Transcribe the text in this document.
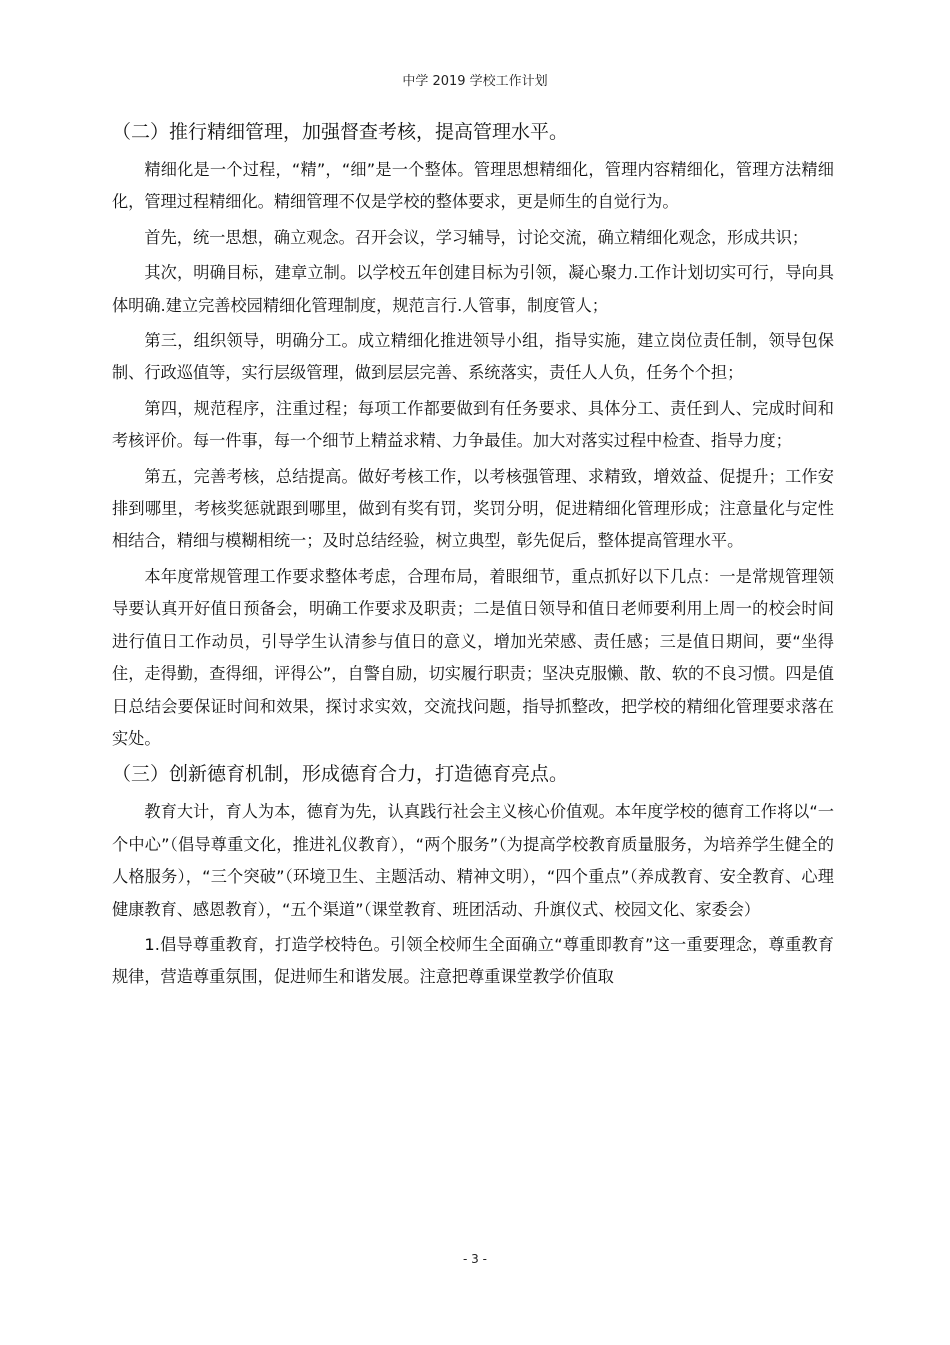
中学 2019 学校工作计划
（二）推行精细管理，加强督查考核，提高管理水平。

精细化是一个过程，“精”，“细”是一个整体。管理思想精细化，管理内容精细化，管理方法精细化，管理过程精细化。精细管理不仅是学校的整体要求，更是师生的自觉行为。

首先，统一思想，确立观念。召开会议，学习辅导，讨论交流，确立精细化观念，形成共识；

其次，明确目标，建章立制。以学校五年创建目标为引领，凝心聚力.工作计划切实可行，导向具体明确.建立完善校园精细化管理制度，规范言行.人管事，制度管人；

第三，组织领导，明确分工。成立精细化推进领导小组，指导实施，建立岗位责任制，领导包保制、行政巡值等，实行层级管理，做到层层完善、系统落实，责任人人负，任务个个担；

第四，规范程序，注重过程；每项工作都要做到有任务要求、具体分工、责任到人、完成时间和考核评价。每一件事，每一个细节上精益求精、力争最佳。加大对落实过程中检查、指导力度；

第五，完善考核，总结提高。做好考核工作，以考核强管理、求精致，增效益、促提升；工作安排到哪里，考核奖惩就跟到哪里，做到有奖有罚，奖罚分明，促进精细化管理形成；注意量化与定性相结合，精细与模糊相统一；及时总结经验，树立典型，彰先促后，整体提高管理水平。

本年度常规管理工作要求整体考虑，合理布局，着眼细节，重点抓好以下几点：一是常规管理领导要认真开好值日预备会，明确工作要求及职责；二是值日领导和值日老师要利用上周一的校会时间进行值日工作动员，引导学生认清参与值日的意义，增加光荣感、责任感；三是值日期间，要“坐得住，走得勤，查得细，评得公”，自警自励，切实履行职责；坚决克服懒、散、软的不良习惯。四是值日总结会要保证时间和效果，探讨求实效，交流找问题，指导抓整改，把学校的精细化管理要求落在实处。

（三）创新德育机制，形成德育合力，打造德育亮点。

教育大计，育人为本，德育为先，认真践行社会主义核心价值观。本年度学校的德育工作将以“一个中心”（倡导尊重文化，推进礼仪教育），“两个服务”（为提高学校教育质量服务，为培养学生健全的人格服务），“三个突破”（环境卫生、主题活动、精神文明），“四个重点”（养成教育、安全教育、心理健康教育、感恩教育），“五个渠道”（课堂教育、班团活动、升旗仪式、校园文化、家委会）

1.倡导尊重教育，打造学校特色。引领全校师生全面确立“尊重即教育”这一重要理念，尊重教育规律，营造尊重氛围，促进师生和谐发展。注意把尊重课堂教学价值取

- 3 -
